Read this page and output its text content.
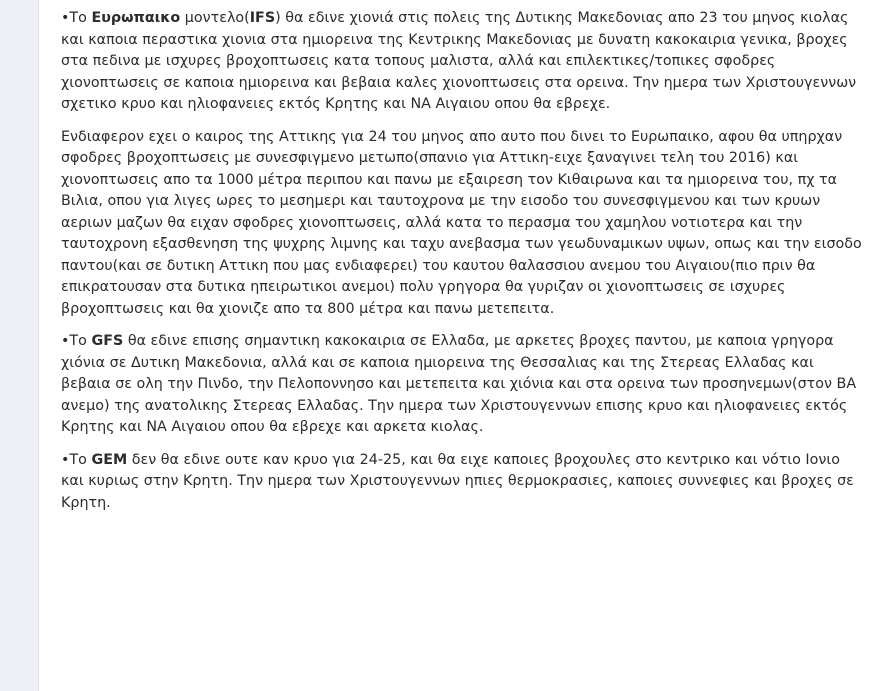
•Το Ευρωπαικο μοντελο(IFS) θα εδινε χιονιά στις πολεις της Δυτικης Μακεδονιας απο 23 του μηνος κιολας και καποια περαστικα χιονια στα ημιορεινα της Κεντρικης Μακεδονιας με δυνατη κακοκαιρια γενικα, βροχες στα πεδινα με ισχυρες βροχοπτωσεις κατα τοπους μαλιστα, αλλά και επιλεκτικες/τοπικες σφοδρες χιονοπτωσεις σε καποια ημιορεινα και βεβαια καλες χιονοπτωσεις στα ορεινα. Την ημερα των Χριστουγεννων σχετικο κρυο και ηλιοφανειες εκτός Κρητης και ΝΑ Αιγαιου οπου θα εβρεχε.

Ενδιαφερον εχει ο καιρος της Αττικης για 24 του μηνος απο αυτο που δινει το Ευρωπαικο, αφου θα υπηρχαν σφοδρες βροχοπτωσεις με συνεσφιγμενο μετωπο(σπανιο για Αττικη-ειχε ξαναγινει τελη του 2016) και χιονοπτωσεις απο τα 1000 μέτρα περιπου και πανω με εξαιρεση τον Κιθαιρωνα και τα ημιορεινα του, πχ τα Βιλια, οπου για λιγες ωρες το μεσημερι και ταυτοχρονα με την εισοδο του συνεσφιγμενου και των κρυων αεριων μαζων θα ειχαν σφοδρες χιονοπτωσεις, αλλά κατα το περασμα του χαμηλου νοτιοτερα και την ταυτοχρονη εξασθενηση της ψυχρης λιμνης και ταχυ ανεβασμα των γεωδυναμικων υψων, οπως και την εισοδο παντου(και σε δυτικη Αττικη που μας ενδιαφερει) του καυτου θαλασσιου ανεμου του Αιγαιου(πιο πριν θα επικρατουσαν στα δυτικα ηπειρωτικοι ανεμοι) πολυ γρηγορα θα γυριζαν οι χιονοπτωσεις σε ισχυρες βροχοπτωσεις και θα χιονιζε απο τα 800 μέτρα και πανω μετεπειτα.

•Το GFS θα εδινε επισης σημαντικη κακοκαιρια σε Ελλαδα, με αρκετες βροχες παντου, με καποια γρηγορα χιόνια σε Δυτικη Μακεδονια, αλλά και σε καποια ημιορεινα της Θεσσαλιας και της Στερεας Ελλαδας και βεβαια σε ολη την Πινδο, την Πελοποννησο και μετεπειτα και χιόνια και στα ορεινα των προσηνεμων(στον ΒΑ ανεμο) της ανατολικης Στερεας Ελλαδας. Την ημερα των Χριστουγεννων επισης κρυο και ηλιοφανειες εκτός Κρητης και ΝΑ Αιγαιου οπου θα εβρεχε και αρκετα κιολας.

•Το GEM δεν θα εδινε ουτε καν κρυο για 24-25, και θα ειχε καποιες βροχουλες στο κεντρικο και νότιο Ιονιο και κυριως στην Κρητη. Την ημερα των Χριστουγεννων ηπιες θερμοκρασιες, καποιες συννεφιες και βροχες σε Κρητη.
